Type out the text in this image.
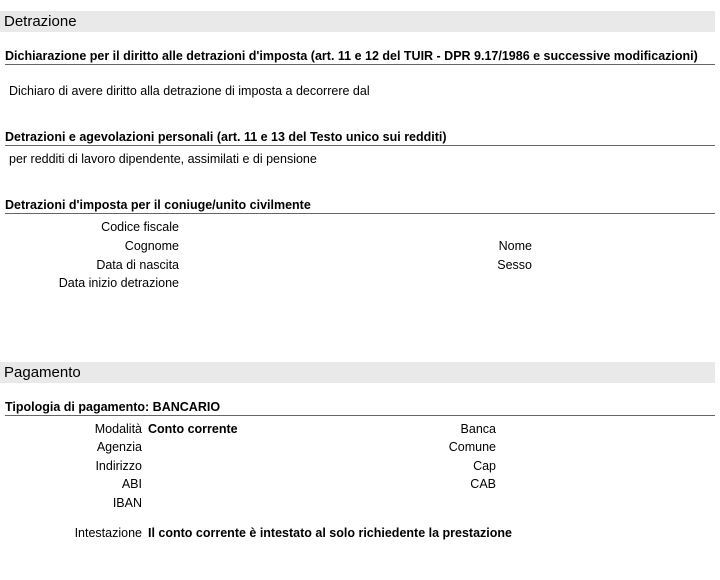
Detrazione
Dichiarazione per il diritto alle detrazioni d'imposta (art. 11 e 12 del TUIR - DPR 9.17/1986 e successive modificazioni)
Dichiaro di avere diritto alla detrazione di imposta a decorrere dal
Detrazioni e agevolazioni personali (art. 11 e 13 del Testo unico sui redditi)
per redditi di lavoro dipendente, assimilati e di pensione
Detrazioni d'imposta per il coniuge/unito civilmente
Codice fiscale
Cognome	Nome
Data di nascita	Sesso
Data inizio detrazione
Pagamento
Tipologia di pagamento: BANCARIO
Modalità Conto corrente	Banca
Agenzia	Comune
Indirizzo	Cap
ABI	CAB
IBAN
Intestazione Il conto corrente è intestato al solo richiedente la prestazione
